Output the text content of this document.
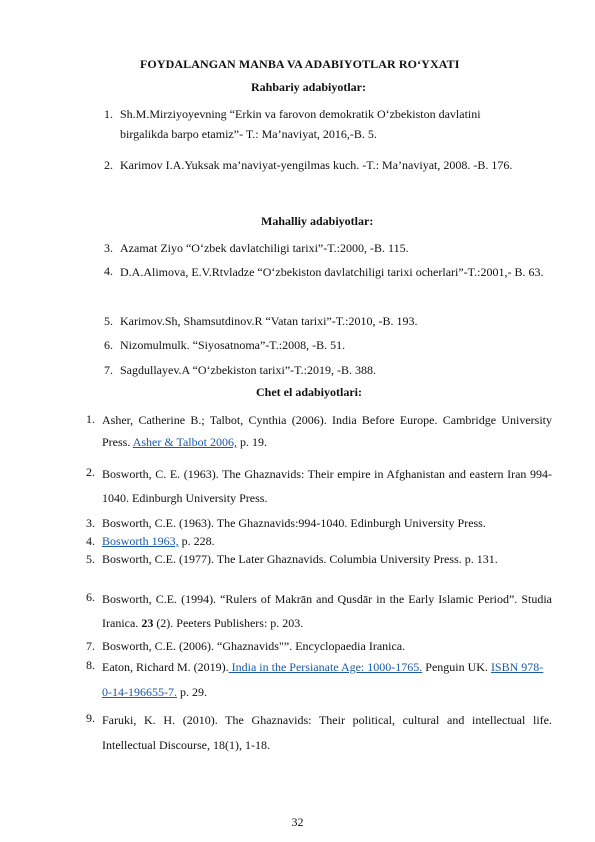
FOYDALANGAN MANBA VA ADABIYOTLAR RO‘YXATI
Rahbariy adabiyotlar:
1. Sh.M.Mirziyoyevning “Erkin va farovon demokratik O‘zbekiston davlatini
birgalikda barpo etamiz”- T.: Ma’naviyat, 2016,-B. 5.
2. Karimov I.A.Yuksak ma’naviyat-yengilmas kuch. -T.: Ma’naviyat, 2008. -B. 176.
Mahalliy adabiyotlar:
3. Azamat Ziyo “O‘zbek davlatchiligi tarixi”-T.:2000, -B. 115.
4. D.A.Alimova, E.V.Rtvladze “O‘zbekiston davlatchiligi tarixi ocherlari”-T.:2001,- B. 63.
5. Karimov.Sh, Shamsutdinov.R “Vatan tarixi”-T.:2010, -B. 193.
6. Nizomulmulk. “Siyosatnoma”-T.:2008, -B. 51.
7. Sagdullayev.A “O‘zbekiston tarixi”-T.:2019, -B. 388.
Chet el adabiyotlari:
1. Asher, Catherine B.; Talbot, Cynthia (2006). India Before Europe. Cambridge University Press. Asher & Talbot 2006, p. 19.
2. Bosworth, C. E. (1963). The Ghaznavids: Their empire in Afghanistan and eastern Iran 994-1040. Edinburgh University Press.
3. Bosworth, C.E. (1963). The Ghaznavids:994-1040. Edinburgh University Press.
4. Bosworth 1963, p. 228.
5. Bosworth, C.E. (1977). The Later Ghaznavids. Columbia University Press. p. 131.
6. Bosworth, C.E. (1994). “Rulers of Makrān and Qusdār in the Early Islamic Period”. Studia Iranica. 23 (2). Peeters Publishers: p. 203.
7. Bosworth, C.E. (2006). “Ghaznavids"”. Encyclopaedia Iranica.
8. Eaton, Richard M. (2019). India in the Persianate Age: 1000-1765. Penguin UK. ISBN 978-0-14-196655-7. p. 29.
9. Faruki, K. H. (2010). The Ghaznavids: Their political, cultural and intellectual life. Intellectual Discourse, 18(1), 1-18.
32
